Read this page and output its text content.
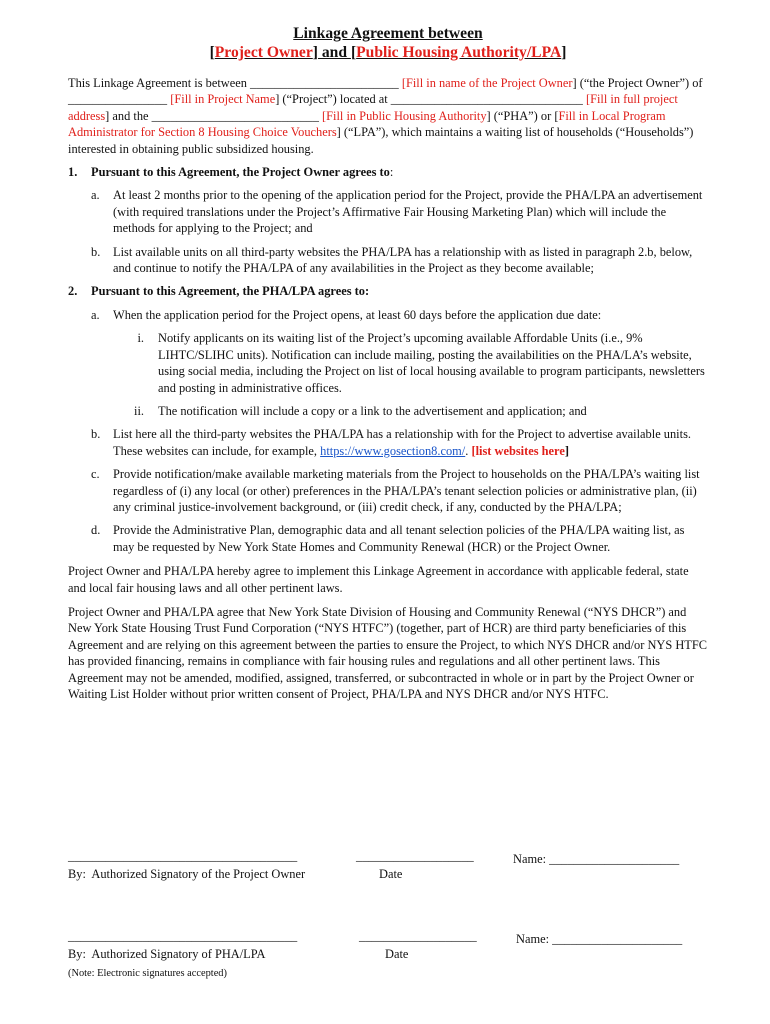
Linkage Agreement between
[Project Owner] and [Public Housing Authority/LPA]

This Linkage Agreement is between ________________________ [Fill in name of the Project Owner] (“the Project Owner”) of ________________ [Fill in Project Name] (“Project”) located at _______________________________ [Fill in full project address] and the ___________________________ [Fill in Public Housing Authority] (“PHA”) or [Fill in Local Program Administrator for Section 8 Housing Choice Vouchers] (“LPA”), which maintains a waiting list of households (“Households”) interested in obtaining public subsidized housing.

1. Pursuant to this Agreement, the Project Owner agrees to:
a. At least 2 months prior to the opening of the application period for the Project, provide the PHA/LPA an advertisement (with required translations under the Project’s Affirmative Fair Housing Marketing Plan) which will include the methods for applying to the Project; and
b. List available units on all third-party websites the PHA/LPA has a relationship with as listed in paragraph 2.b, below, and continue to notify the PHA/LPA of any availabilities in the Project as they become available;
2. Pursuant to this Agreement, the PHA/LPA agrees to:
a. When the application period for the Project opens, at least 60 days before the application due date:
i. Notify applicants on its waiting list of the Project’s upcoming available Affordable Units (i.e., 9% LIHTC/SLIHC units). Notification can include mailing, posting the availabilities on the PHA/LA’s website, using social media, including the Project on list of local housing available to program participants, newsletters and posting in administrative offices.
ii. The notification will include a copy or a link to the advertisement and application; and
b. List here all the third-party websites the PHA/LPA has a relationship with for the Project to advertise available units. These websites can include, for example, https://www.gosection8.com/. [list websites here]
c. Provide notification/make available marketing materials from the Project to households on the PHA/LPA’s waiting list regardless of (i) any local (or other) preferences in the PHA/LPA’s tenant selection policies or administrative plan, (ii) any criminal justice-involvement background, or (iii) credit check, if any, conducted by the PHA/LPA;
d. Provide the Administrative Plan, demographic data and all tenant selection policies of the PHA/LPA waiting list, as may be requested by New York State Homes and Community Renewal (HCR) or the Project Owner.

Project Owner and PHA/LPA hereby agree to implement this Linkage Agreement in accordance with applicable federal, state and local fair housing laws and all other pertinent laws.

Project Owner and PHA/LPA agree that New York State Division of Housing and Community Renewal (“NYS DHCR”) and New York State Housing Trust Fund Corporation (“NYS HTFC”) (together, part of HCR) are third party beneficiaries of this Agreement and are relying on this agreement between the parties to ensure the Project, to which NYS DHCR and/or NYS HTFC has provided financing, remains in compliance with fair housing rules and regulations and all other pertinent laws. This Agreement may not be amended, modified, assigned, transferred, or subcontracted in whole or in part by the Project Owner or Waiting List Holder without prior written consent of Project, PHA/LPA and NYS DHCR and/or NYS HTFC.

_____________________________________
By:  Authorized Signatory of the Project Owner
___________________
Date
Name: _____________________
_____________________________________
By:  Authorized Signatory of PHA/LPA
___________________
Date
Name: _____________________
(Note: Electronic signatures accepted)
